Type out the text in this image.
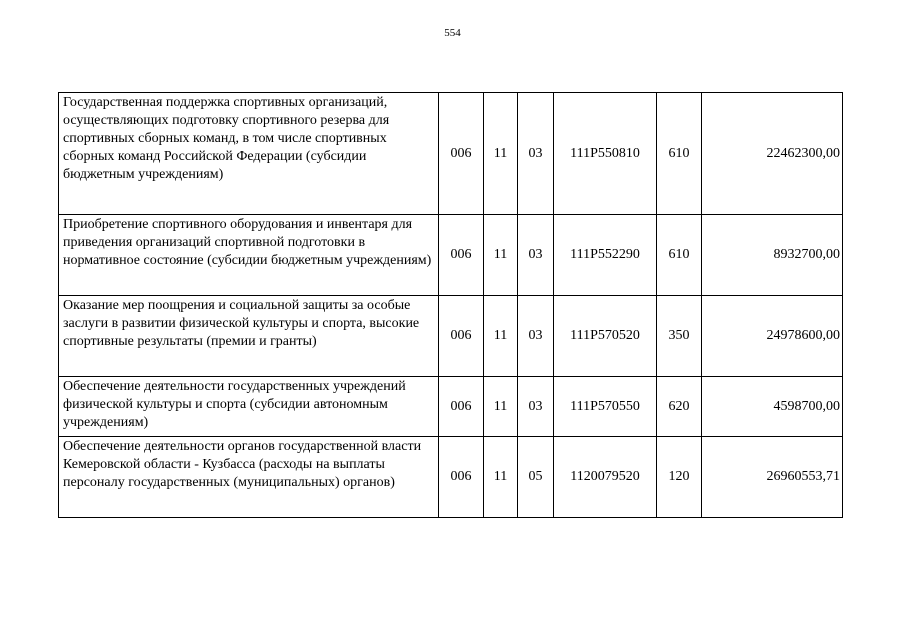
554
Государственная поддержка спортивных организаций, осуществляющих подготовку спортивного резерва для спортивных сборных команд, в том числе спортивных сборных команд Российской Федерации (субсидии бюджетным учреждениям)	006	11	03	111P550810	610	22462300,00
Приобретение спортивного оборудования и инвентаря для приведения организаций спортивной подготовки в нормативное состояние (субсидии бюджетным учреждениям)	006	11	03	111P552290	610	8932700,00
Оказание мер поощрения и социальной защиты за особые заслуги в развитии физической культуры и спорта, высокие спортивные результаты (премии и гранты)	006	11	03	111P570520	350	24978600,00
Обеспечение деятельности государственных учреждений физической культуры и спорта (субсидии автономным учреждениям)	006	11	03	111P570550	620	4598700,00
Обеспечение деятельности органов государственной власти Кемеровской области - Кузбасса (расходы на выплаты персоналу государственных (муниципальных) органов)	006	11	05	1120079520	120	26960553,71
